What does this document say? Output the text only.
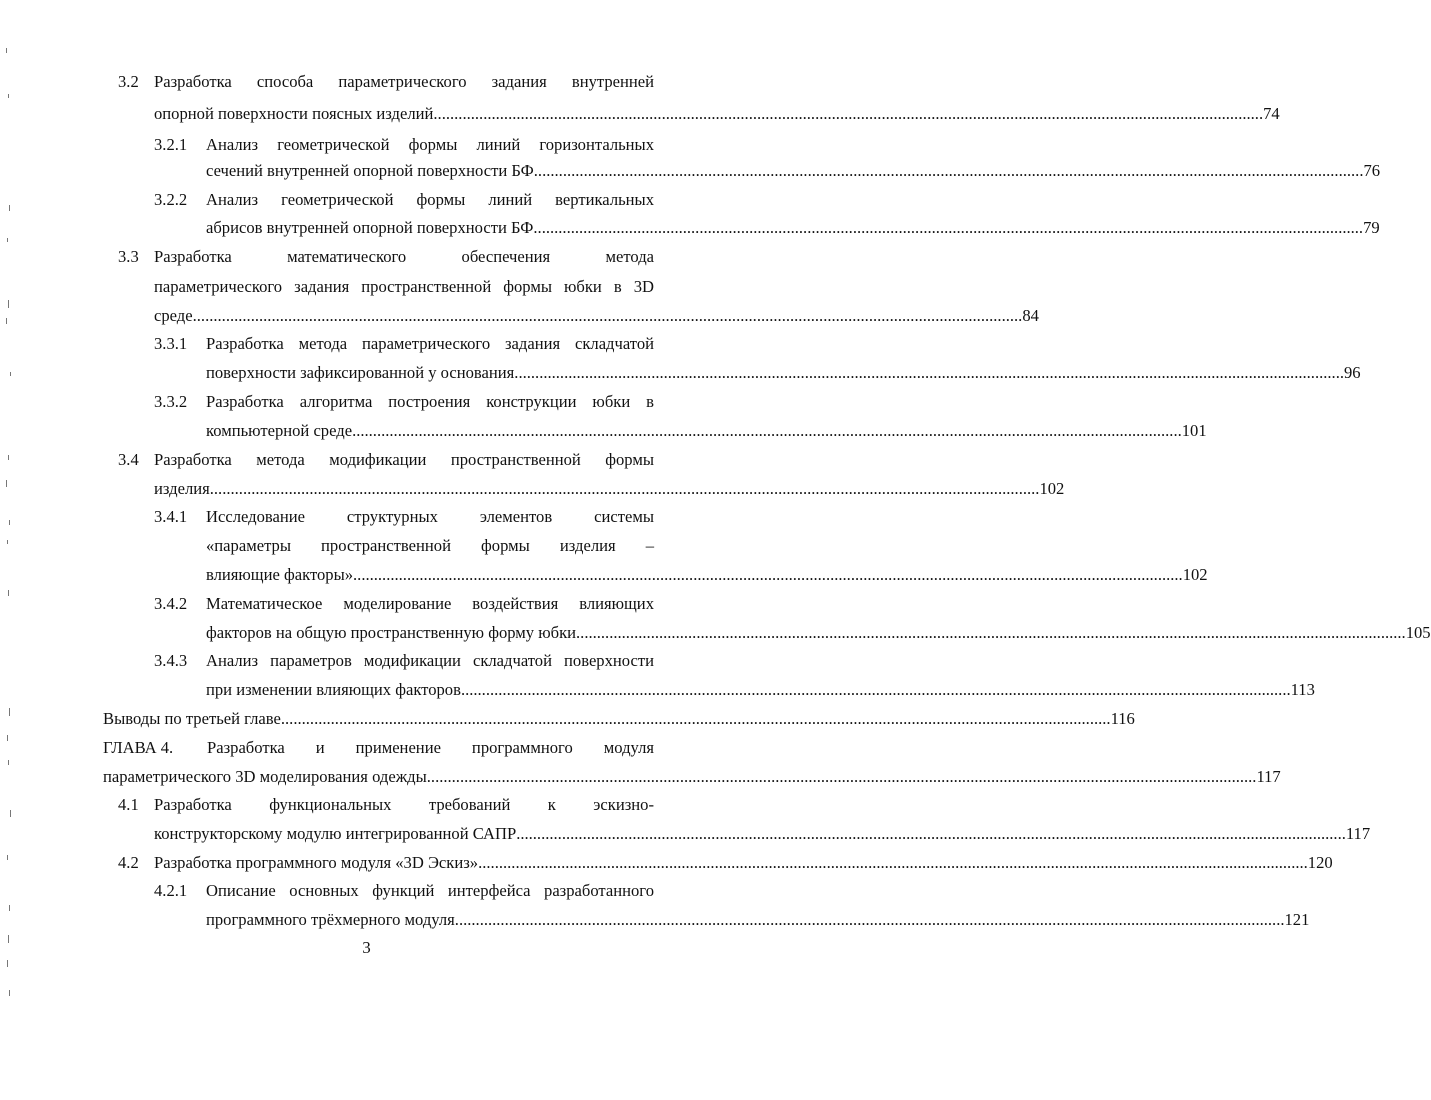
3.2 Разработка способа параметрического задания внутренней
опорной поверхности поясных изделий ........................................................................................................................................................................................................ 74
3.2.1 Анализ геометрической формы линий горизонтальных
сечений внутренней опорной поверхности БФ ........................................................................................................................................................................................................ 76
3.2.2 Анализ геометрической формы линий вертикальных
абрисов внутренней опорной поверхности БФ ........................................................................................................................................................................................................ 79
3.3 Разработка математического обеспечения метода
параметрического задания пространственной формы юбки в 3D
среде ........................................................................................................................................................................................................ 84
3.3.1 Разработка метода параметрического задания складчатой
поверхности зафиксированной у основания ........................................................................................................................................................................................................ 96
3.3.2 Разработка алгоритма построения конструкции юбки в
компьютерной среде ........................................................................................................................................................................................................ 101
3.4 Разработка метода модификации пространственной формы
изделия ........................................................................................................................................................................................................ 102
3.4.1 Исследование структурных элементов системы
«параметры пространственной формы изделия –
влияющие факторы» ........................................................................................................................................................................................................ 102
3.4.2 Математическое моделирование воздействия влияющих
факторов на общую пространственную форму юбки ........................................................................................................................................................................................................ 105
3.4.3 Анализ параметров модификации складчатой поверхности
при изменении влияющих факторов ........................................................................................................................................................................................................ 113
Выводы по третьей главе ........................................................................................................................................................................................................ 116
ГЛАВА 4. Разработка и применение программного модуля
параметрического 3D моделирования одежды ........................................................................................................................................................................................................ 117
4.1 Разработка функциональных требований к эскизно-
конструкторскому модулю интегрированной САПР ........................................................................................................................................................................................................ 117
4.2 Разработка программного модуля «3D Эскиз» ........................................................................................................................................................................................................ 120
4.2.1 Описание основных функций интерфейса разработанного
программного трёхмерного модуля ........................................................................................................................................................................................................ 121
3
